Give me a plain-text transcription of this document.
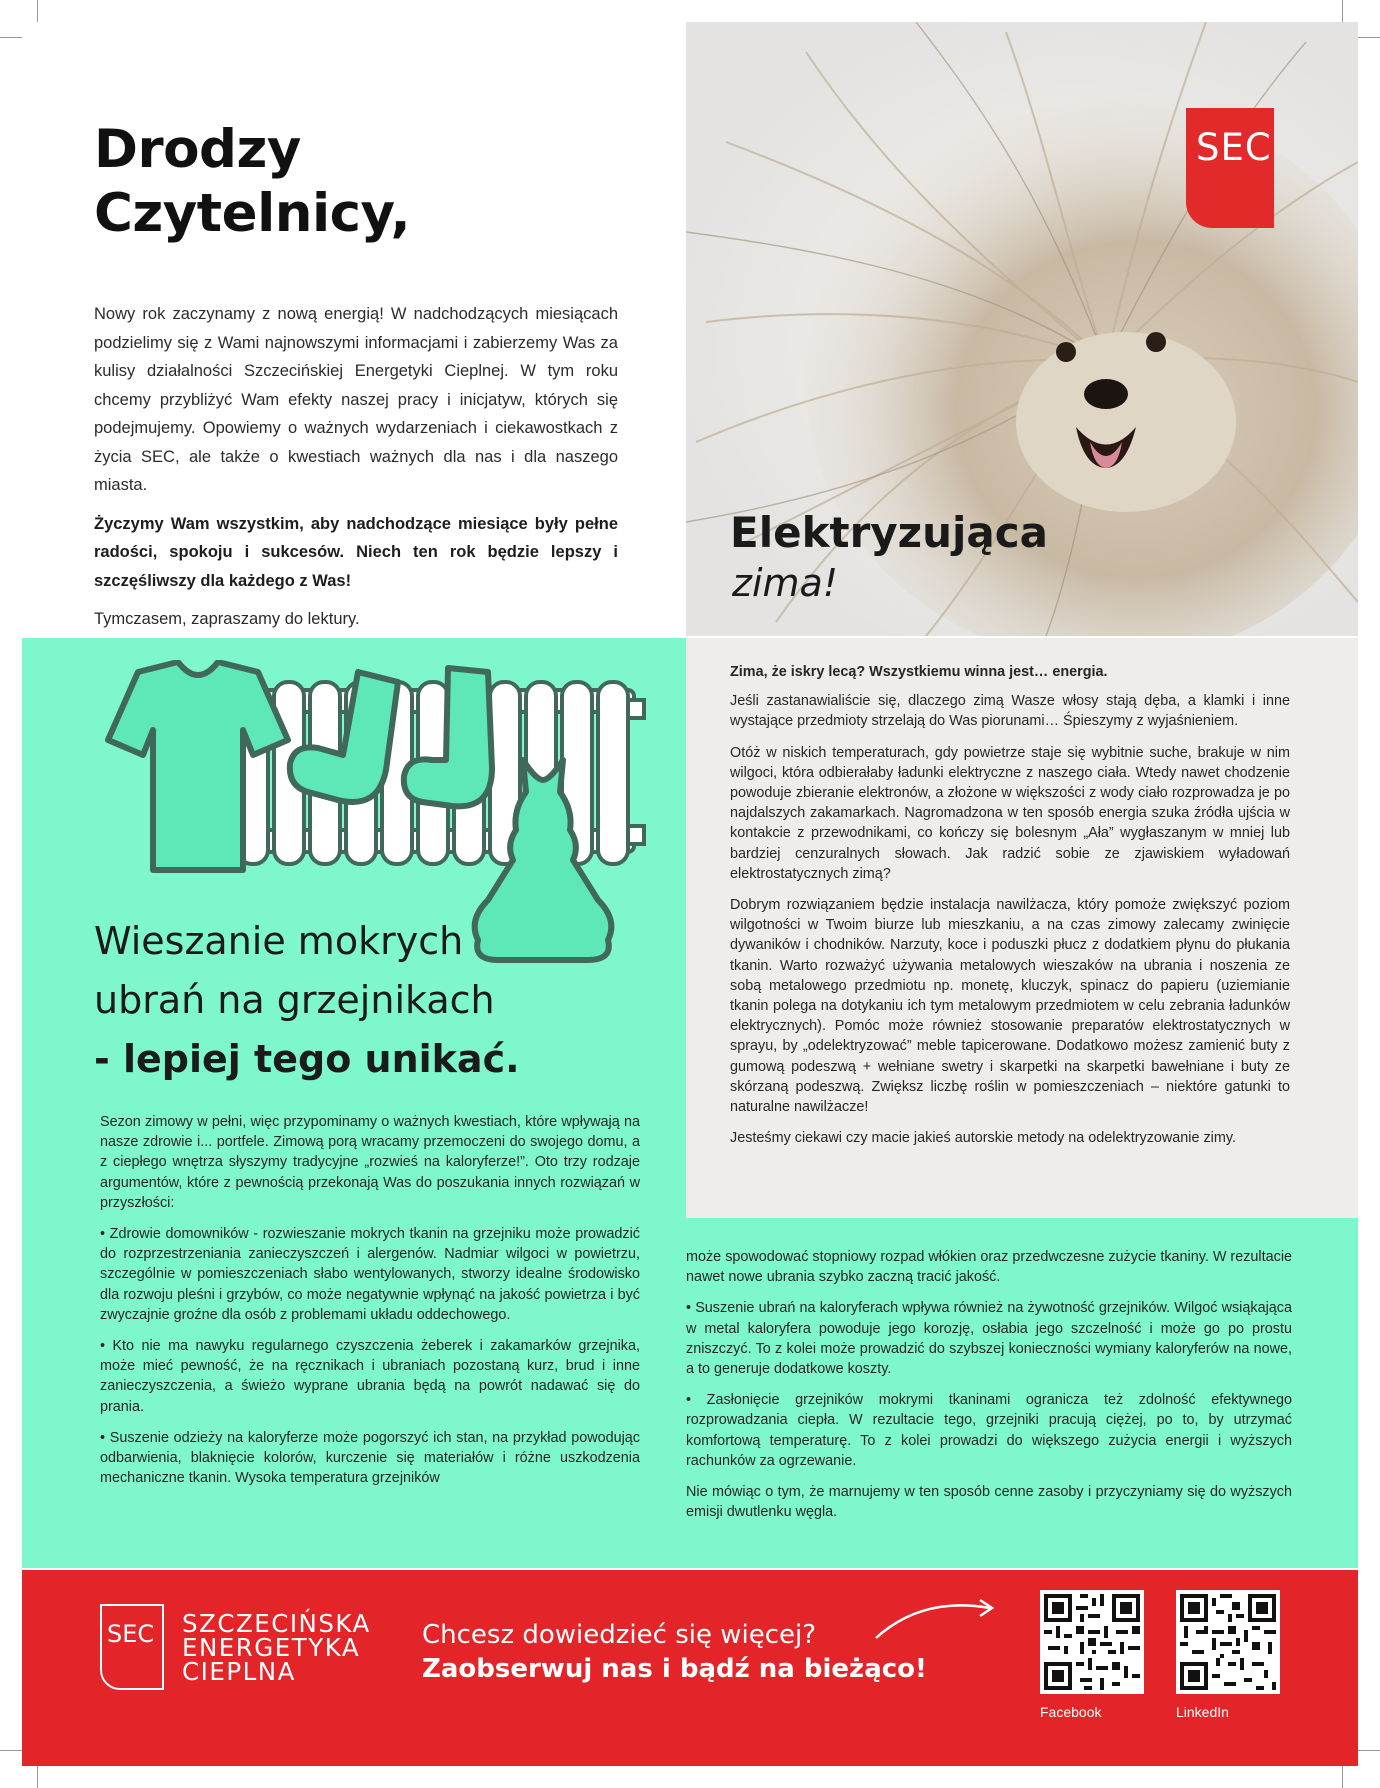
Drodzy
Czytelnicy,

Nowy rok zaczynamy z nową energią! W nadchodzących miesiącach podzielimy się z Wami najnowszymi informacjami i zabierzemy Was za kulisy działalności Szczecińskiej Energetyki Cieplnej. W tym roku chcemy przybliżyć Wam efekty naszej pracy i inicjatyw, których się podejmujemy. Opowiemy o ważnych wydarzeniach i ciekawostkach z życia SEC, ale także o kwestiach ważnych dla nas i dla naszego miasta.

Życzymy Wam wszystkim, aby nadchodzące miesiące były pełne radości, spokoju i sukcesów. Niech ten rok będzie lepszy i szczęśliwszy dla każdego z Was!

Tymczasem, zapraszamy do lektury.

SEC
Elektryzująca
zima!
Wieszanie mokrych
ubrań na grzejnikach
- lepiej tego unikać.

Sezon zimowy w pełni, więc przypominamy o ważnych kwestiach, które wpływają na nasze zdrowie i... portfele. Zimową porą wracamy przemoczeni do swojego domu, a z ciepłego wnętrza słyszymy tradycyjne „rozwieś na kaloryferze!”. Oto trzy rodzaje argumentów, które z pewnością przekonają Was do poszukania innych rozwiązań w przyszłości:

• Zdrowie domowników - rozwieszanie mokrych tkanin na grzejniku może prowadzić do rozprzestrzeniania zanieczyszczeń i alergenów. Nadmiar wilgoci w powietrzu, szczególnie w pomieszczeniach słabo wentylowanych, stworzy idealne środowisko dla rozwoju pleśni i grzybów, co może negatywnie wpłynąć na jakość powietrza i być zwyczajnie groźne dla osób z problemami układu oddechowego.

• Kto nie ma nawyku regularnego czyszczenia żeberek i zakamarków grzejnika, może mieć pewność, że na ręcznikach i ubraniach pozostaną kurz, brud i inne zanieczyszczenia, a świeżo wyprane ubrania będą na powrót nadawać się do prania.

• Suszenie odzieży na kaloryferze może pogorszyć ich stan, na przykład powodując odbarwienia, blaknięcie kolorów, kurczenie się materiałów i różne uszkodzenia mechaniczne tkanin. Wysoka temperatura grzejników

Zima, że iskry lecą? Wszystkiemu winna jest… energia.

Jeśli zastanawialiście się, dlaczego zimą Wasze włosy stają dęba, a klamki i inne wystające przedmioty strzelają do Was piorunami… Śpieszymy z wyjaśnieniem.

Otóż w niskich temperaturach, gdy powietrze staje się wybitnie suche, brakuje w nim wilgoci, która odbierałaby ładunki elektryczne z naszego ciała. Wtedy nawet chodzenie powoduje zbieranie elektronów, a złożone w większości z wody ciało rozprowadza je po najdalszych zakamarkach. Nagromadzona w ten sposób energia szuka źródła ujścia w kontakcie z przewodnikami, co kończy się bolesnym „Ała” wygłaszanym w mniej lub bardziej cenzuralnych słowach. Jak radzić sobie ze zjawiskiem wyładowań elektrostatycznych zimą?

Dobrym rozwiązaniem będzie instalacja nawilżacza, który pomoże zwiększyć poziom wilgotności w Twoim biurze lub mieszkaniu, a na czas zimowy zalecamy zwinięcie dywaników i chodników. Narzuty, koce i poduszki płucz z dodatkiem płynu do płukania tkanin. Warto rozważyć używania metalowych wieszaków na ubrania i noszenia ze sobą metalowego przedmiotu np. monetę, kluczyk, spinacz do papieru (uziemianie tkanin polega na dotykaniu ich tym metalowym przedmiotem w celu zebrania ładunków elektrycznych). Pomóc może również stosowanie preparatów elektrostatycznych w sprayu, by „odelektryzować” meble tapicerowane. Dodatkowo możesz zamienić buty z gumową podeszwą + wełniane swetry i skarpetki na skarpetki bawełniane i buty ze skórzaną podeszwą. Zwiększ liczbę roślin w pomieszczeniach – niektóre gatunki to naturalne nawilżacze!

Jesteśmy ciekawi czy macie jakieś autorskie metody na odelektryzowanie zimy.

może spowodować stopniowy rozpad włókien oraz przedwczesne zużycie tkaniny. W rezultacie nawet nowe ubrania szybko zaczną tracić jakość.

• Suszenie ubrań na kaloryferach wpływa również na żywotność grzejników. Wilgoć wsiąkająca w metal kaloryfera powoduje jego korozję, osłabia jego szczelność i może go po prostu zniszczyć. To z kolei może prowadzić do szybszej konieczności wymiany kaloryferów na nowe, a to generuje dodatkowe koszty.

• Zasłonięcie grzejników mokrymi tkaninami ogranicza też zdolność efektywnego rozprowadzania ciepła. W rezultacie tego, grzejniki pracują ciężej, po to, by utrzymać komfortową temperaturę. To z kolei prowadzi do większego zużycia energii i wyższych rachunków za ogrzewanie.

Nie mówiąc o tym, że marnujemy w ten sposób cenne zasoby i przyczyniamy się do wyższych emisji dwutlenku węgla.

SEC SZCZECIŃSKA
ENERGETYKA
CIEPLNA
Chcesz dowiedzieć się więcej?
Zaobserwuj nas i bądź na bieżąco!
Facebook	LinkedIn
